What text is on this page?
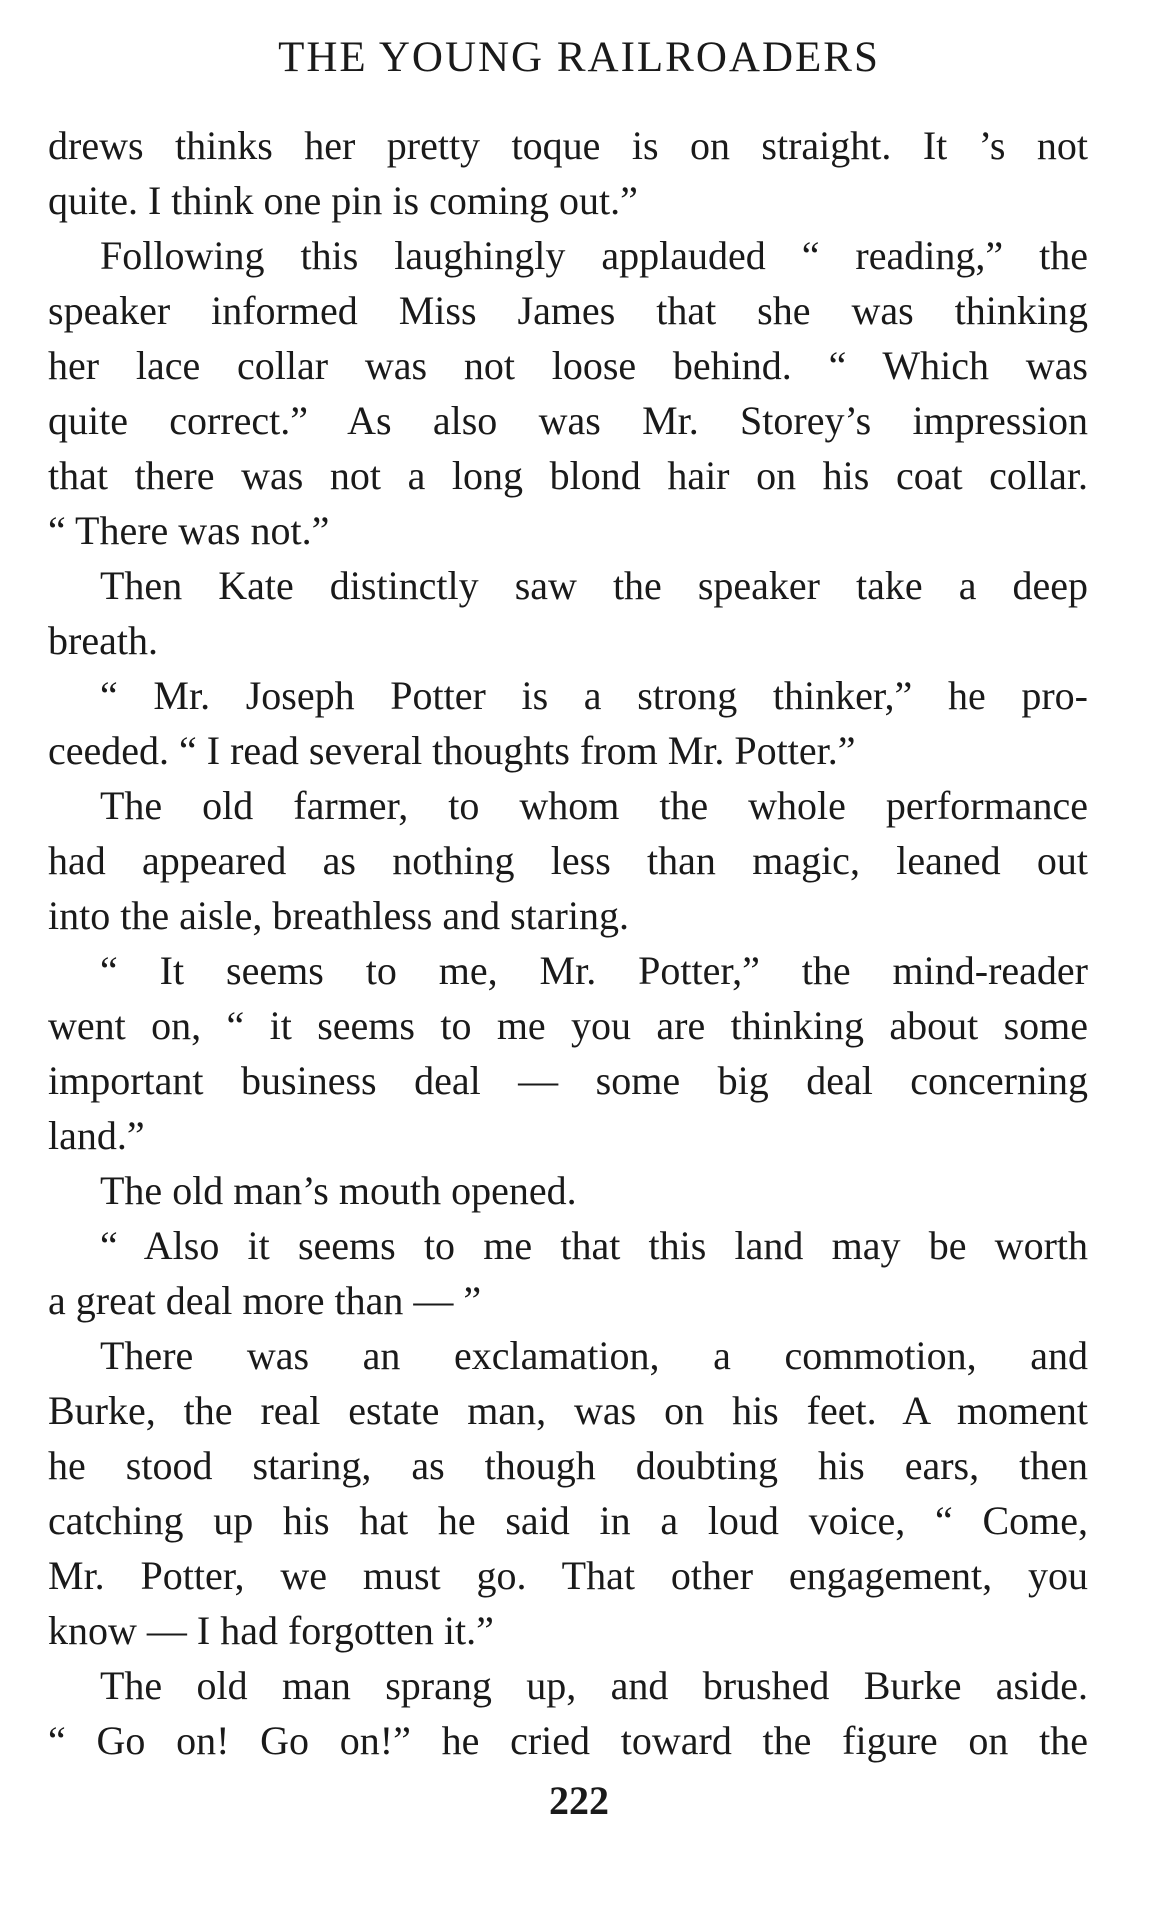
THE YOUNG RAILROADERS
drews thinks her pretty toque is on straight. It ’s not
quite. I think one pin is coming out.”
Following this laughingly applauded “ reading,” the
speaker informed Miss James that she was thinking
her lace collar was not loose behind. “ Which was
quite correct.” As also was Mr. Storey’s impression
that there was not a long blond hair on his coat collar.
“ There was not.”
Then Kate distinctly saw the speaker take a deep
breath.
“ Mr. Joseph Potter is a strong thinker,” he pro-
ceeded. “ I read several thoughts from Mr. Potter.”
The old farmer, to whom the whole performance
had appeared as nothing less than magic, leaned out
into the aisle, breathless and staring.
“ It seems to me, Mr. Potter,” the mind-reader
went on, “ it seems to me you are thinking about some
important business deal — some big deal concerning
land.”
The old man’s mouth opened.
“ Also it seems to me that this land may be worth
a great deal more than — ”
There was an exclamation, a commotion, and
Burke, the real estate man, was on his feet. A moment
he stood staring, as though doubting his ears, then
catching up his hat he said in a loud voice, “ Come,
Mr. Potter, we must go. That other engagement, you
know — I had forgotten it.”
The old man sprang up, and brushed Burke aside.
“ Go on! Go on!” he cried toward the figure on the
222
